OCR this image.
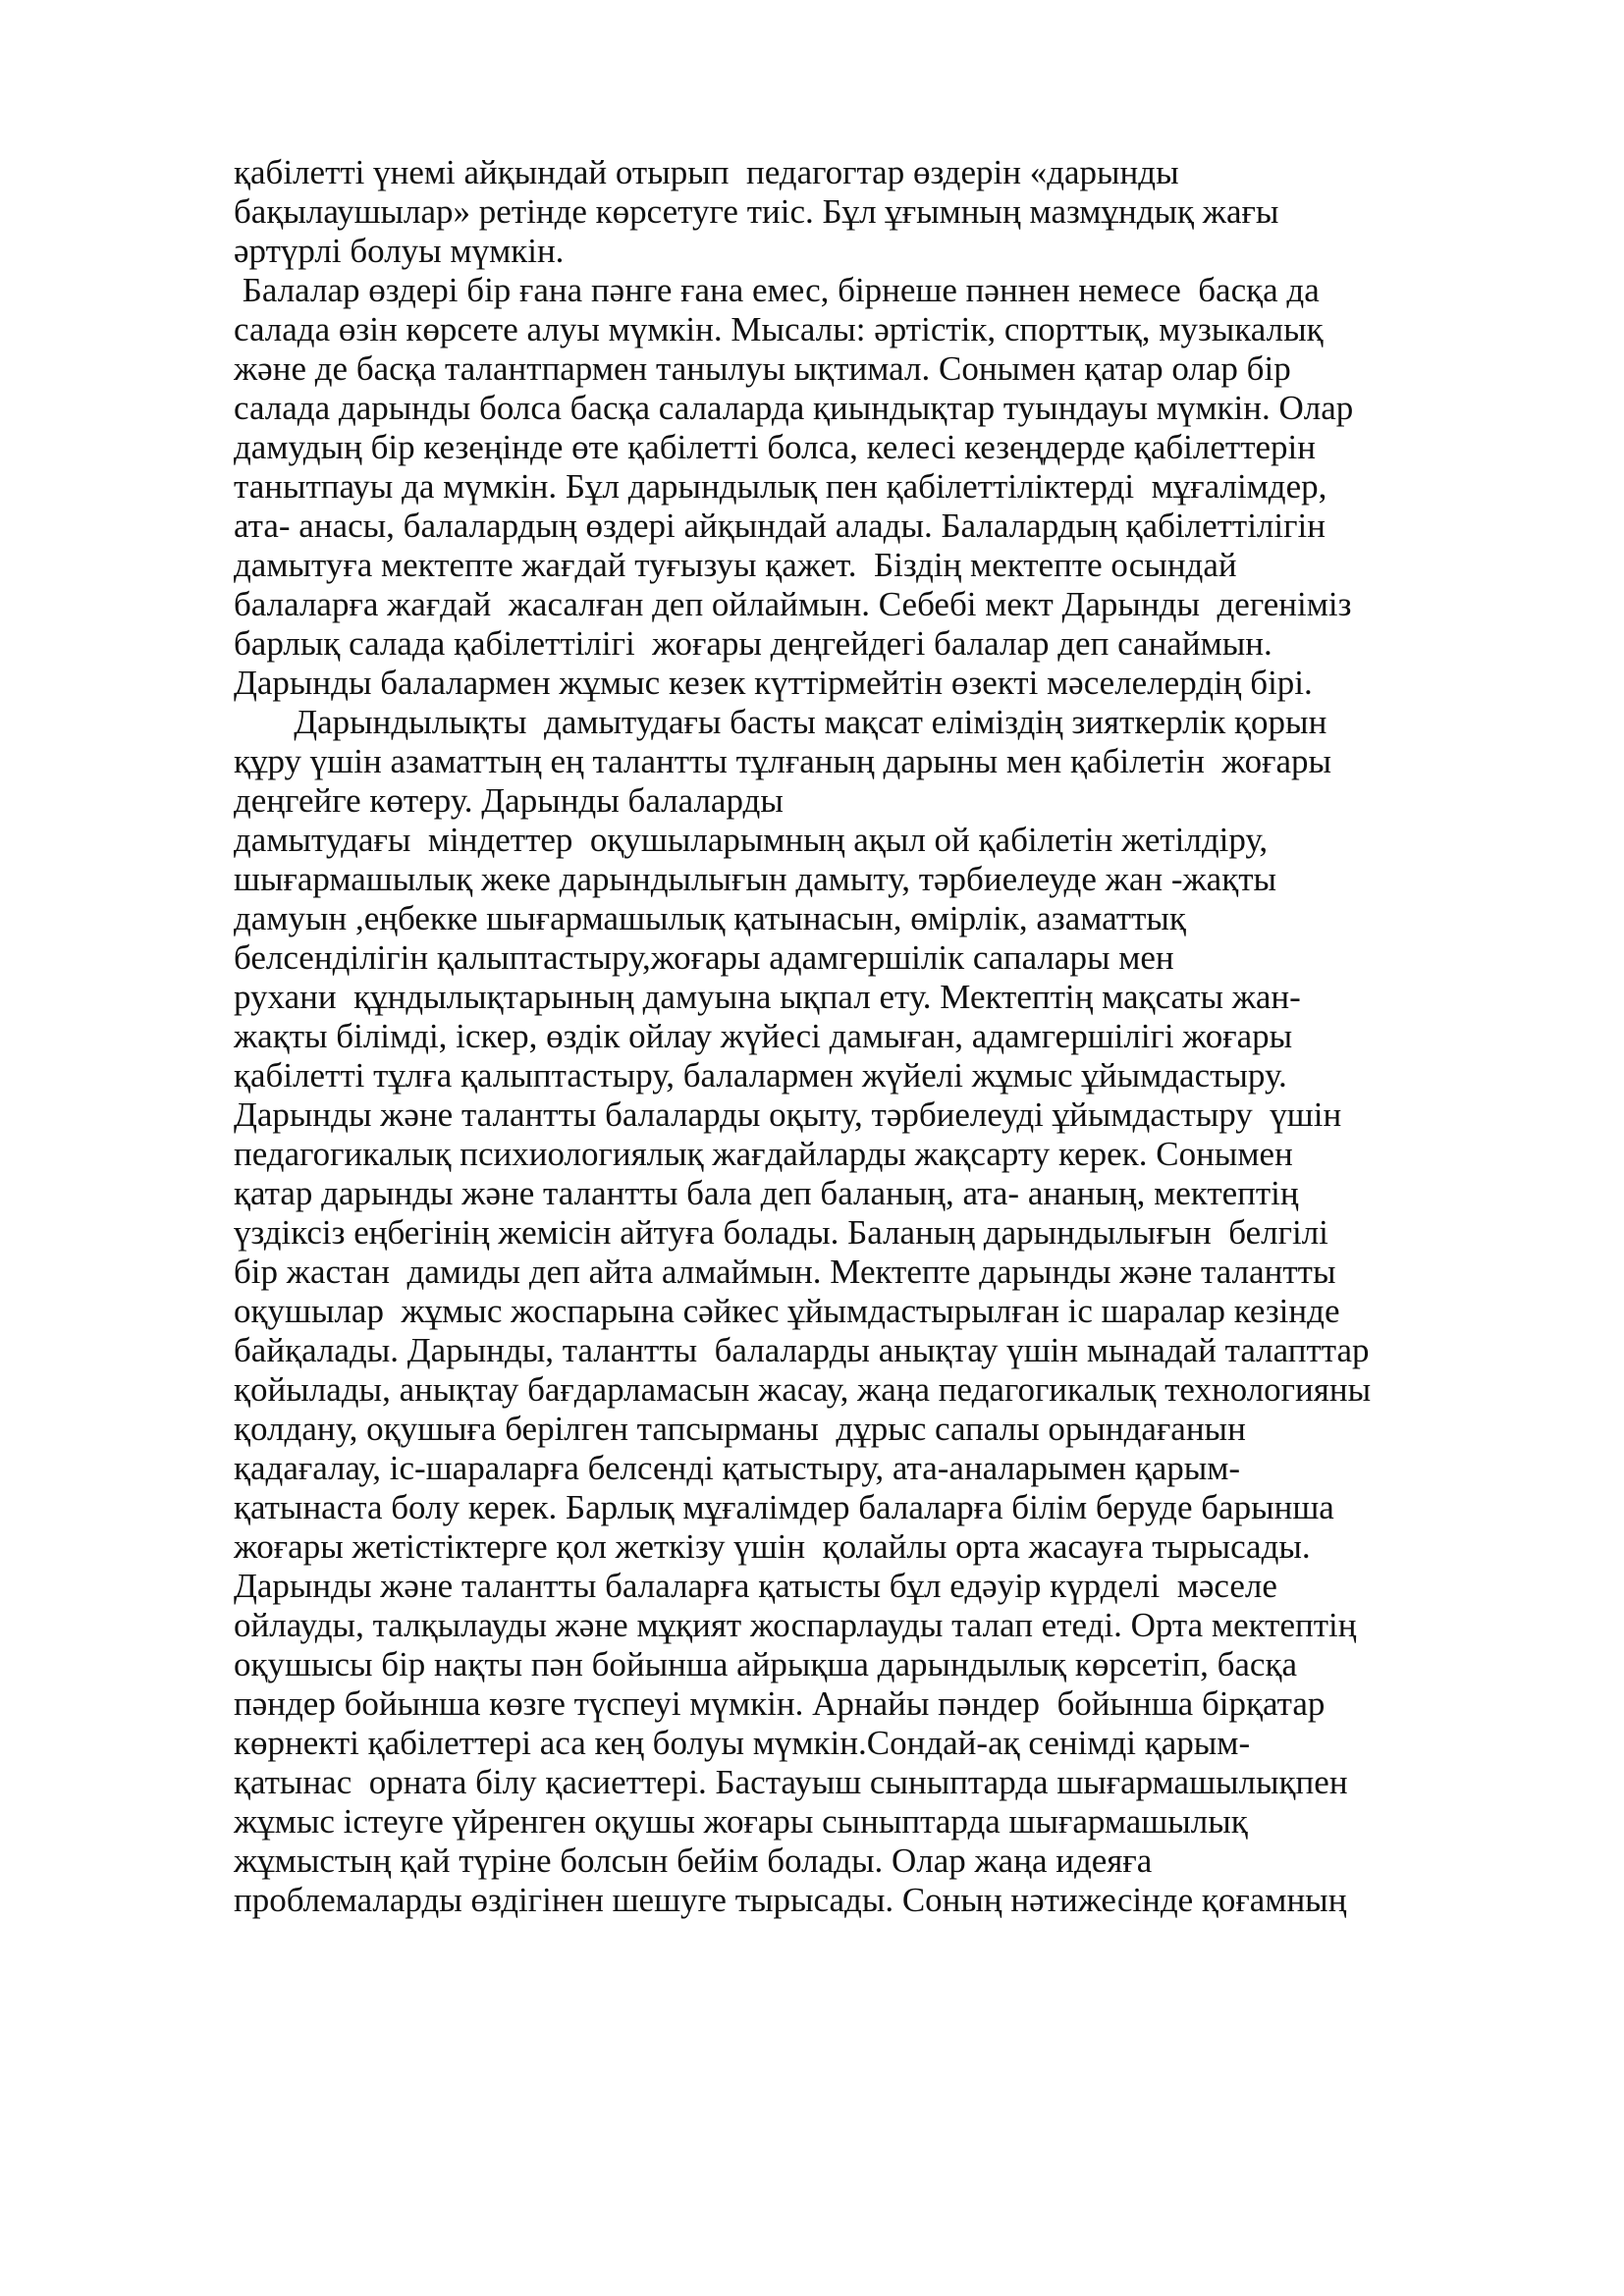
қабілетті үнемі айқындай отырып  педагогтар өздерін «дарынды
бақылаушылар» ретінде көрсетуге тиіс. Бұл ұғымның мазмұндық жағы
әртүрлі болуы мүмкін.
Балалар өздері бір ғана пәнге ғана емес, бірнеше пәннен немесе  басқа да
салада өзін көрсете алуы мүмкін. Мысалы: әртістік, спорттық, музыкалық
және де басқа талантпармен танылуы ықтимал. Сонымен қатар олар бір
салада дарынды болса басқа салаларда қиындықтар туындауы мүмкін. Олар
дамудың бір кезеңінде өте қабілетті болса, келесі кезеңдерде қабілеттерін
танытпауы да мүмкін. Бұл дарындылық пен қабілеттіліктерді  мұғалімдер,
ата- анасы, балалардың өздері айқындай алады. Балалардың қабілеттілігін
дамытуға мектепте жағдай туғызуы қажет.  Біздің мектепте осындай
балаларға жағдай  жасалған деп ойлаймын. Себебі мект Дарынды  дегеніміз
барлық салада қабілеттілігі  жоғары деңгейдегі балалар деп санаймын.
Дарынды балалармен жұмыс кезек күттірмейтін өзекті мәселелердің бірі.
Дарындылықты  дамытудағы басты мақсат еліміздің зияткерлік қорын
құру үшін азаматтың ең талантты тұлғаның дарыны мен қабілетін  жоғары
деңгейге көтеру. Дарынды балаларды
дамытудағы  міндеттер  оқушыларымның ақыл ой қабілетін жетілдіру,
шығармашылық жеке дарындылығын дамыту, тәрбиелеуде жан -жақты
дамуын ,еңбекке шығармашылық қатынасын, өмірлік, азаматтық
белсенділігін қалыптастыру,жоғары адамгершілік сапалары мен
рухани  құндылықтарының дамуына ықпал ету. Мектептің мақсаты жан-
жақты білімді, іскер, өздік ойлау жүйесі дамыған, адамгершілігі жоғары
қабілетті тұлға қалыптастыру, балалармен жүйелі жұмыс ұйымдастыру.
Дарынды және талантты балаларды оқыту, тәрбиелеуді ұйымдастыру  үшін
педагогикалық психиологиялық жағдайларды жақсарту керек. Сонымен
қатар дарынды және талантты бала деп баланың, ата- ананың, мектептің
үздіксіз еңбегінің жемісін айтуға болады. Баланың дарындылығын  белгілі
бір жастан  дамиды деп айта алмаймын. Мектепте дарынды және талантты
оқушылар  жұмыс жоспарына сәйкес ұйымдастырылған іс шаралар кезінде
байқалады. Дарынды, талантты  балаларды анықтау үшін мынадай талапттар
қойылады, анықтау бағдарламасын жасау, жаңа педагогикалық технологияны
қолдану, оқушыға берілген тапсырманы  дұрыс сапалы орындағанын
қадағалау, іс-шараларға белсенді қатыстыру, ата-аналарымен қарым-
қатынаста болу керек. Барлық мұғалімдер балаларға білім беруде барынша
жоғары жетістіктерге қол жеткізу үшін  қолайлы орта жасауға тырысады.
Дарынды және талантты балаларға қатысты бұл едәуір күрделі  мәселе
ойлауды, талқылауды және мұқият жоспарлауды талап етеді. Орта мектептің
оқушысы бір нақты пән бойынша айрықша дарындылық көрсетіп, басқа
пәндер бойынша көзге түспеуі мүмкін. Арнайы пәндер  бойынша бірқатар
көрнекті қабілеттері аса кең болуы мүмкін.Сондай-ақ сенімді қарым-
қатынас  орната білу қасиеттері. Бастауыш сыныптарда шығармашылықпен
жұмыс істеуге үйренген оқушы жоғары сыныптарда шығармашылық
жұмыстың қай түріне болсын бейім болады. Олар жаңа идеяға
проблемаларды өздігінен шешуге тырысады. Соның нәтижесінде қоғамның
